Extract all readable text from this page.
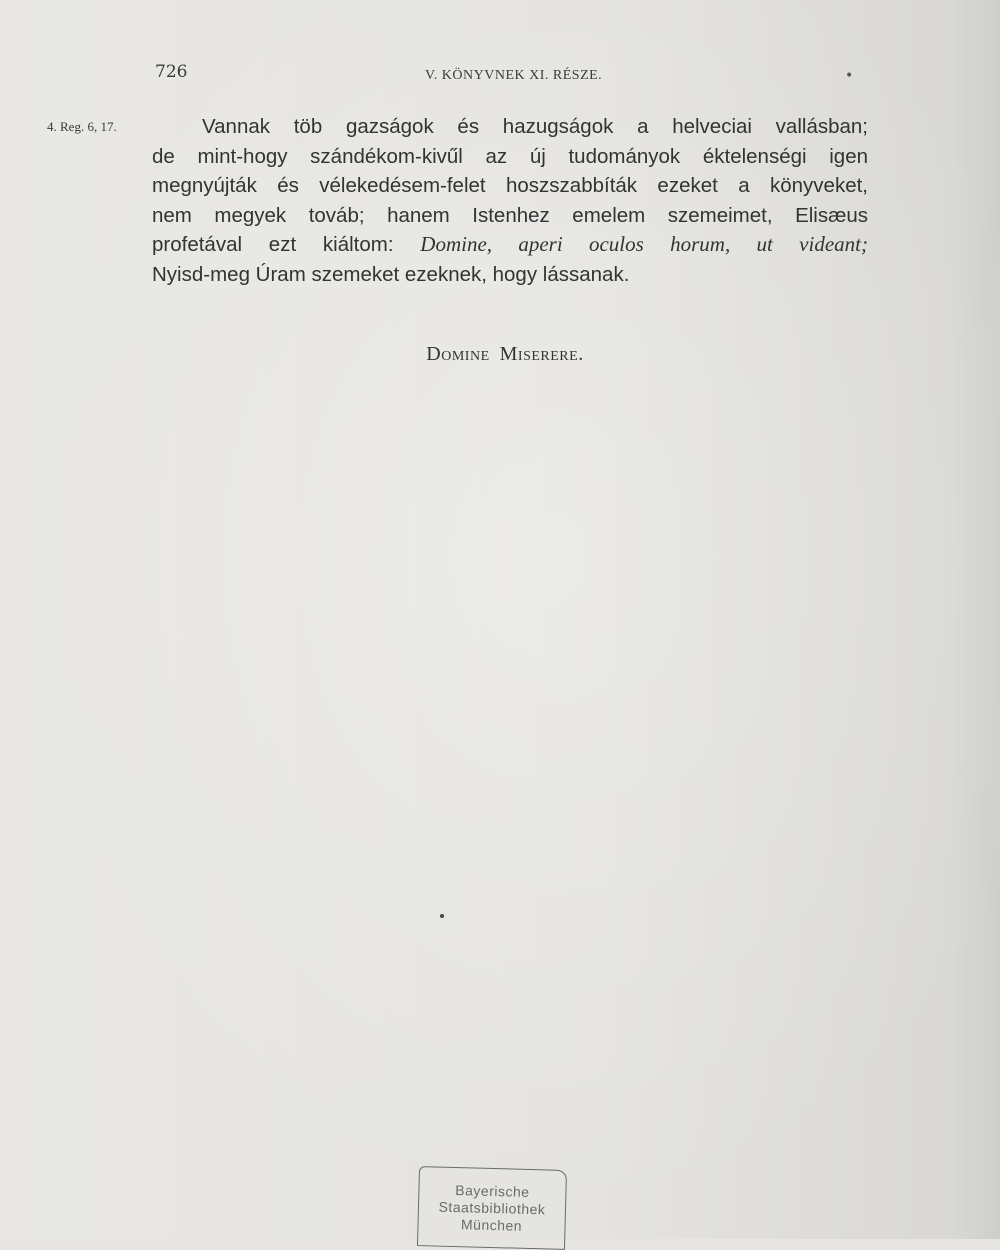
726	V. KÖNYVNEK XI. RÉSZE.	•
4. Reg. 6, 17.	Vannak töb gazságok és hazugságok a helveciai vallásban;
de mint-hogy szándékom-kivűl az új tudományok éktelenségi igen
megnyújták és vélekedésem-felet hoszszabbíták ezeket a könyveket,
nem megyek továb; hanem Istenhez emelem szemeimet, Elisæus
profetával ezt kiáltom: Domine, aperi oculos horum, ut videant;
Nyisd-meg Úram szemeket ezeknek, hogy lássanak.
Domine Miserere.
Bayerische
Staatsbibliothek
München
